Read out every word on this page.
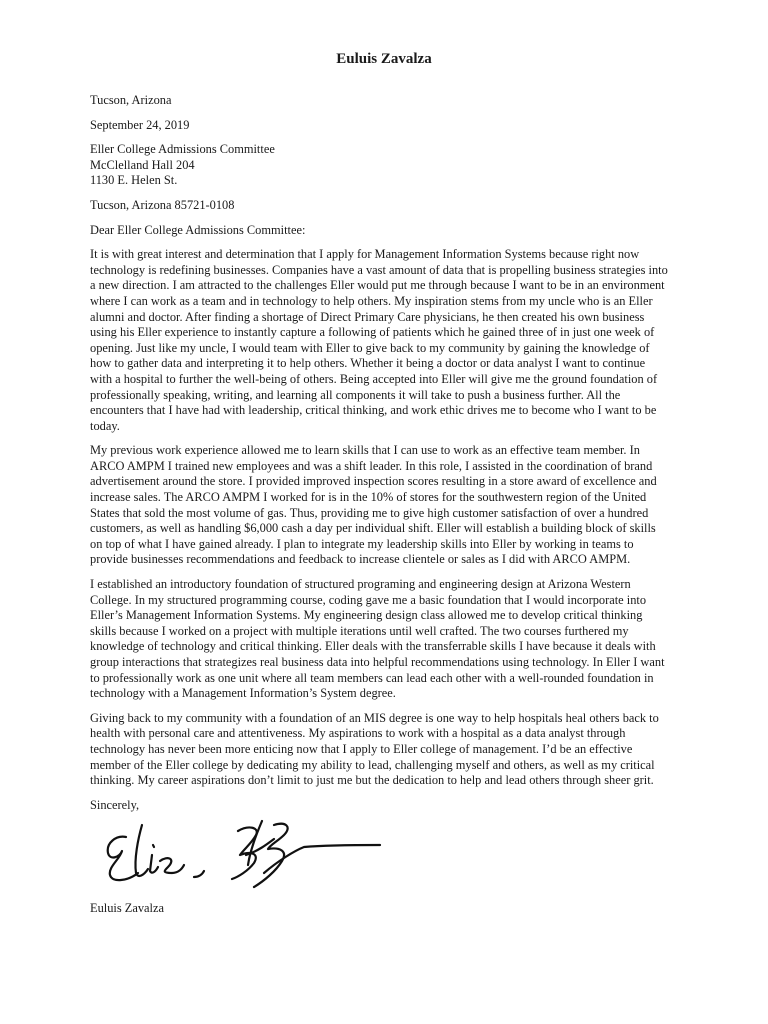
Euluis Zavalza
Tucson, Arizona
September 24, 2019
Eller College Admissions Committee
McClelland Hall 204
1130 E. Helen St.
Tucson, Arizona 85721-0108
Dear Eller College Admissions Committee:
It is with great interest and determination that I apply for Management Information Systems because right now
technology is redefining businesses. Companies have a vast amount of data that is propelling business strategies into
a new direction. I am attracted to the challenges Eller would put me through because I want to be in an environment
where I can work as a team and in technology to help others. My inspiration stems from my uncle who is an Eller
alumni and doctor. After finding a shortage of Direct Primary Care physicians, he then created his own business
using his Eller experience to instantly capture a following of patients which he gained three of in just one week of
opening. Just like my uncle, I would team with Eller to give back to my community by gaining the knowledge of
how to gather data and interpreting it to help others. Whether it being a doctor or data analyst I want to continue
with a hospital to further the well-being of others. Being accepted into Eller will give me the ground foundation of
professionally speaking, writing, and learning all components it will take to push a business further. All the
encounters that I have had with leadership, critical thinking, and work ethic drives me to become who I want to be
today.
My previous work experience allowed me to learn skills that I can use to work as an effective team member. In
ARCO AMPM I trained new employees and was a shift leader. In this role, I assisted in the coordination of brand
advertisement around the store. I provided improved inspection scores resulting in a store award of excellence and
increase sales. The ARCO AMPM I worked for is in the 10% of stores for the southwestern region of the United
States that sold the most volume of gas. Thus, providing me to give high customer satisfaction of over a hundred
customers, as well as handling $6,000 cash a day per individual shift. Eller will establish a building block of skills
on top of what I have gained already. I plan to integrate my leadership skills into Eller by working in teams to
provide businesses recommendations and feedback to increase clientele or sales as I did with ARCO AMPM.
I established an introductory foundation of structured programing and engineering design at Arizona Western
College. In my structured programming course, coding gave me a basic foundation that I would incorporate into
Eller’s Management Information Systems. My engineering design class allowed me to develop critical thinking
skills because I worked on a project with multiple iterations until well crafted. The two courses furthered my
knowledge of technology and critical thinking. Eller deals with the transferrable skills I have because it deals with
group interactions that strategizes real business data into helpful recommendations using technology. In Eller I want
to professionally work as one unit where all team members can lead each other with a well-rounded foundation in
technology with a Management Information’s System degree.
Giving back to my community with a foundation of an MIS degree is one way to help hospitals heal others back to
health with personal care and attentiveness. My aspirations to work with a hospital as a data analyst through
technology has never been more enticing now that I apply to Eller college of management. I’d be an effective
member of the Eller college by dedicating my ability to lead, challenging myself and others, as well as my critical
thinking. My career aspirations don’t limit to just me but the dedication to help and lead others through sheer grit.
Sincerely,
Euluis Zavalza
